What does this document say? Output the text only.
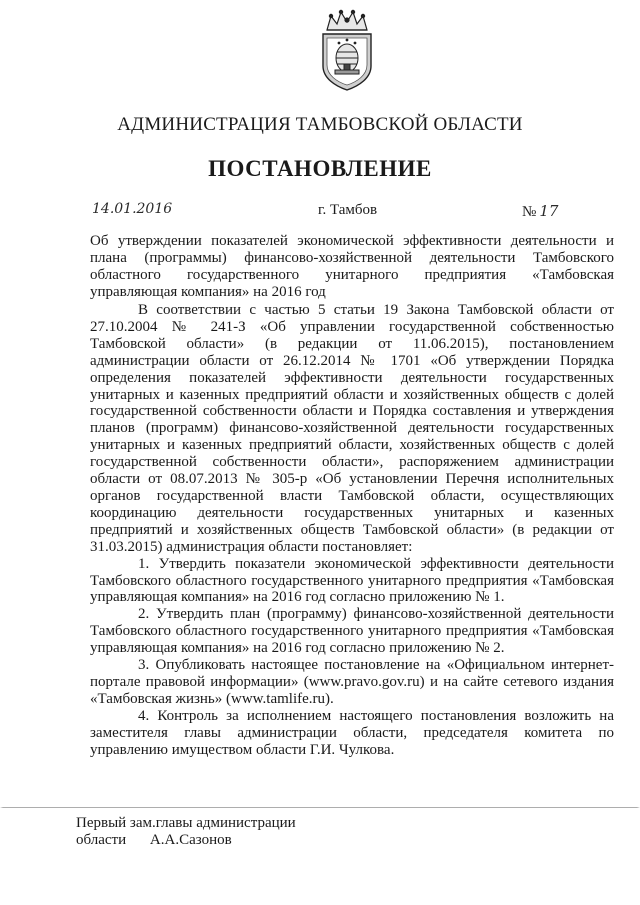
АДМИНИСТРАЦИЯ ТАМБОВСКОЙ ОБЛАСТИ
ПОСТАНОВЛЕНИЕ
14.01.2016	г. Тамбов	№ 17
Об утверждении показателей экономической эффективности деятельности и плана (программы) финансово-хозяйственной деятельности Тамбовского областного государственного унитарного предприятия «Тамбовская управляющая компания» на 2016 год

В соответствии с частью 5 статьи 19 Закона Тамбовской области от 27.10.2004 № 241-З «Об управлении государственной собственностью Тамбовской области» (в редакции от 11.06.2015), постановлением администрации области от 26.12.2014 № 1701 «Об утверждении Порядка определения показателей эффективности деятельности государственных унитарных и казенных предприятий области и хозяйственных обществ с долей государственной собственности области и Порядка составления и утверждения планов (программ) финансово-хозяйственной деятельности государственных унитарных и казенных предприятий области, хозяйственных обществ с долей государственной собственности области», распоряжением администрации области от 08.07.2013 № 305-р «Об установлении Перечня исполнительных органов государственной власти Тамбовской области, осуществляющих координацию деятельности государственных унитарных и казенных предприятий и хозяйственных обществ Тамбовской области» (в редакции от 31.03.2015) администрация области постановляет:

1. Утвердить показатели экономической эффективности деятельности Тамбовского областного государственного унитарного предприятия «Тамбовская управляющая компания» на 2016 год согласно приложению № 1.

2. Утвердить план (программу) финансово-хозяйственной деятельности Тамбовского областного государственного унитарного предприятия «Тамбовская управляющая компания» на 2016 год согласно приложению № 2.

3. Опубликовать настоящее постановление на «Официальном интернет-портале правовой информации» (www.pravo.gov.ru) и на сайте сетевого издания «Тамбовская жизнь» (www.tamlife.ru).

4. Контроль за исполнением настоящего постановления возложить на заместителя главы администрации области, председателя комитета по управлению имуществом области Г.И. Чулкова.

Первый зам.главы администрации
области А.А.Сазонов
